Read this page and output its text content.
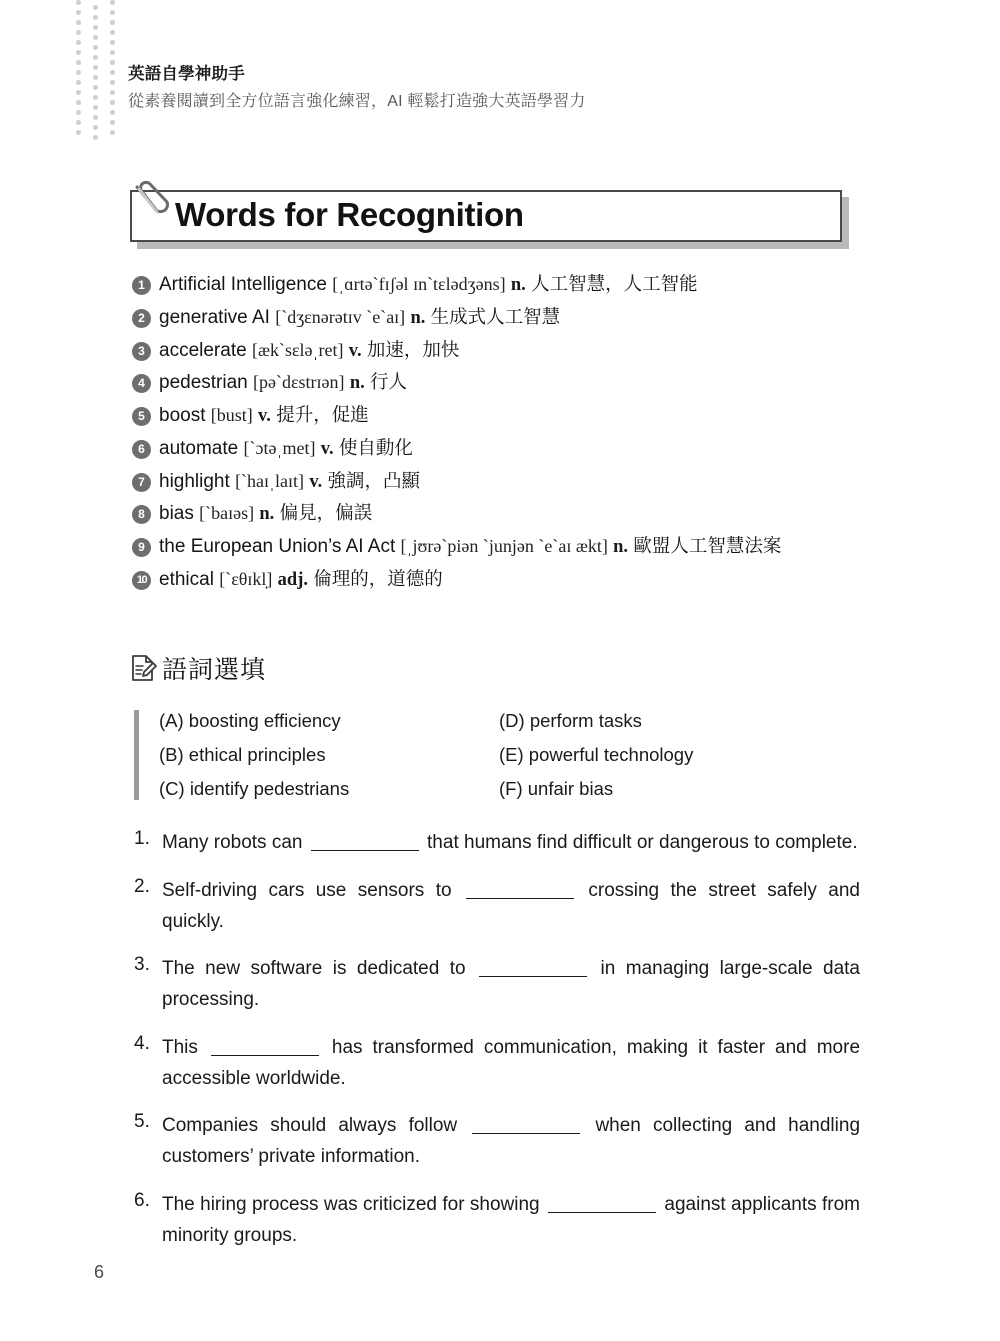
英語自學神助手
從素養閱讀到全方位語言強化練習，AI 輕鬆打造強大英語學習力
Words for Recognition
1 Artificial Intelligence [ˌɑrtəˋfɪʃəl ɪnˋtɛlədʒəns] n. 人工智慧，人工智能
2 generative AI [ˋdʒɛnərətɪv ˋeˋaɪ] n. 生成式人工智慧
3 accelerate [ækˋsɛləˌret] v. 加速，加快
4 pedestrian [pəˋdɛstrɪən] n. 行人
5 boost [bust] v. 提升，促進
6 automate [ˋɔtəˌmet] v. 使自動化
7 highlight [ˋhaɪˌlaɪt] v. 強調，凸顯
8 bias [ˋbaɪəs] n. 偏見，偏誤
9 the European Union’s AI Act [ˌjʊrəˋpiən ˋjunjən ˋeˋaɪ ækt] n. 歐盟人工智慧法案
10 ethical [ˋɛθɪkl̩] adj. 倫理的，道德的
語詞選填
(A) boosting efficiency	(D) perform tasks
(B) ethical principles	(E) powerful technology
(C) identify pedestrians	(F) unfair bias
1. Many robots can	that humans find difficult or dangerous to complete.
2. Self-driving cars use sensors to	crossing the street safely and quickly.
3. The new software is dedicated to	in managing large-scale data processing.
4. This	has transformed communication, making it faster and more accessible worldwide.
5. Companies should always follow	when collecting and handling customers’ private information.
6. The hiring process was criticized for showing	against applicants from minority groups.
6
